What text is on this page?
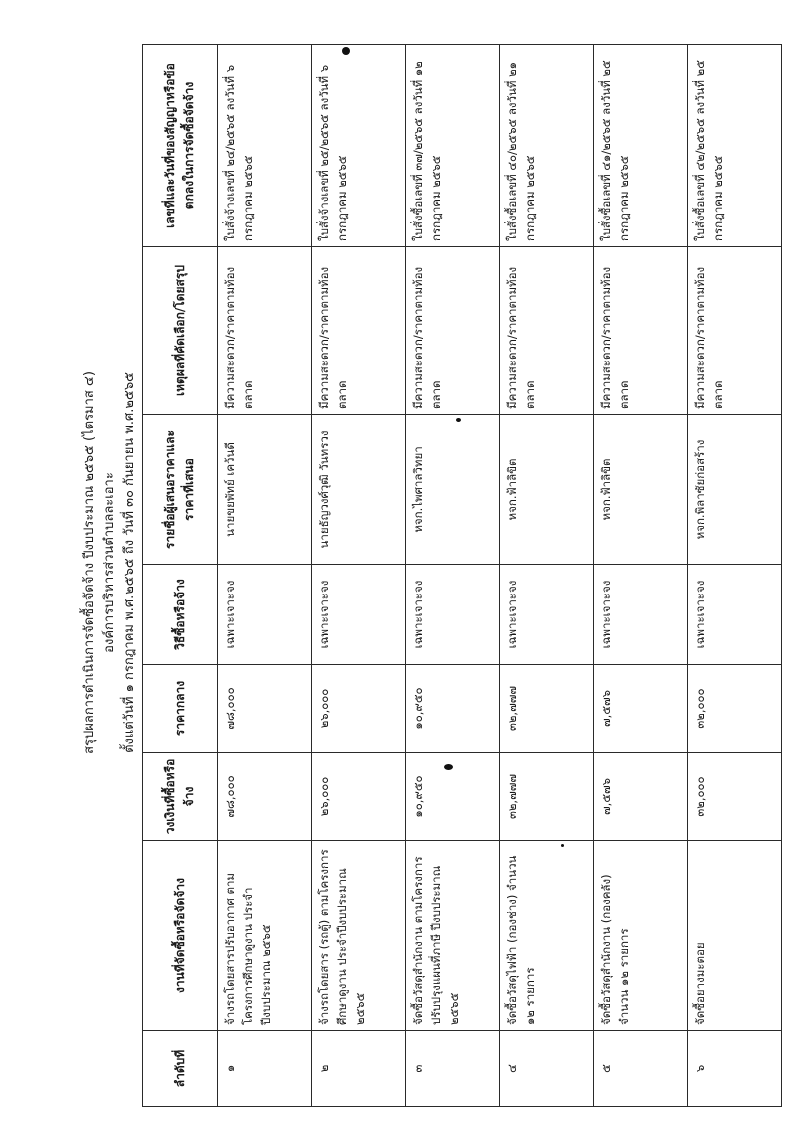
สรุปผลการดำเนินการจัดซื้อจัดจ้าง ปีงบประมาณ ๒๕๖๕ (ไตรมาส ๔) องค์การบริหารส่วนตำบลละเอาะ ตั้งแต่วันที่ ๑ กรกฎาคม พ.ศ.๒๕๖๕ ถึง วันที่ ๓๐ กันยายน พ.ศ.๒๕๖๕
ลำดับที่	งานที่จัดซื้อหรือจัดจ้าง	วงเงินที่ซื้อหรือจ้าง	ราคากลาง	วิธีซื้อหรือจ้าง	รายชื่อผู้เสนอราคาและราคาที่เสนอ	เหตุผลที่คัดเลือก/โดยสรุป	เลขที่และวันที่ของสัญญาหรือข้อตกลงในการจัดซื้อจัดจ้าง
๑	จ้างรถโดยสารปรับอากาศ ตามโครงการศึกษาดูงาน ประจำปีงบประมาณ ๒๕๖๕	๗๘,๐๐๐	๗๘,๐๐๐	เฉพาะเจาะจง	นายขยพัทย์ เคว้นดี	มีความสะดวก/ราคาตามท้องตลาด	ใบสั่งจ้างเลขที่ ๒๔/๒๕๖๕ ลงวันที่ ๖ กรกฎาคม ๒๕๖๕
๒	จ้างรถโดยสาร (รถตู้) ตามโครงการศึกษาดูงาน ประจำปีงบประมาณ ๒๕๖๕	๒๖,๐๐๐	๒๖,๐๐๐	เฉพาะเจาะจง	นายธัญวงศ์วุฒิ วันทรวง	มีความสะดวก/ราคาตามท้องตลาด	ใบสั่งจ้างเลขที่ ๒๕/๒๕๖๕ ลงวันที่ ๖ กรกฎาคม ๒๕๖๕
๓	จัดซื้อวัสดุสำนักงาน ตามโครงการปรับปรุงแผนที่ภาษี ปีงบประมาณ ๒๕๖๕	๑๐,๙๕๐	๑๐,๙๕๐	เฉพาะเจาะจง	หจก.ไพศาลวิทยา	มีความสะดวก/ราคาตามท้องตลาด	ใบสั่งซื้อเลขที่ ๓๗/๒๕๖๕ ลงวันที่ ๑๒ กรกฎาคม ๒๕๖๕
๔	จัดซื้อวัสดุไฟฟ้า (กองช่าง) จำนวน ๑๒ รายการ	๓๒,๗๗๗	๓๒,๗๗๗	เฉพาะเจาะจง	หจก.ฟ้าลิขิต	มีความสะดวก/ราคาตามท้องตลาด	ใบสั่งซื้อเลขที่ ๔๐/๒๕๖๕ ลงวันที่ ๒๑ กรกฎาคม ๒๕๖๕
๕	จัดซื้อวัสดุสำนักงาน (กองคลัง) จำนวน ๑๒ รายการ	๗,๕๗๖	๗,๕๗๖	เฉพาะเจาะจง	หจก.ฟ้าลิขิต	มีความสะดวก/ราคาตามท้องตลาด	ใบสั่งซื้อเลขที่ ๔๑/๒๕๖๕ ลงวันที่ ๒๕ กรกฎาคม ๒๕๖๕
๖	จัดซื้อยางมะตอย	๓๒,๐๐๐	๓๒,๐๐๐	เฉพาะเจาะจง	หจก.พิลาซัยก่อสร้าง	มีความสะดวก/ราคาตามท้องตลาด	ใบสั่งซื้อเลขที่ ๔๒/๒๕๖๕ ลงวันที่ ๒๕ กรกฎาคม ๒๕๖๕
